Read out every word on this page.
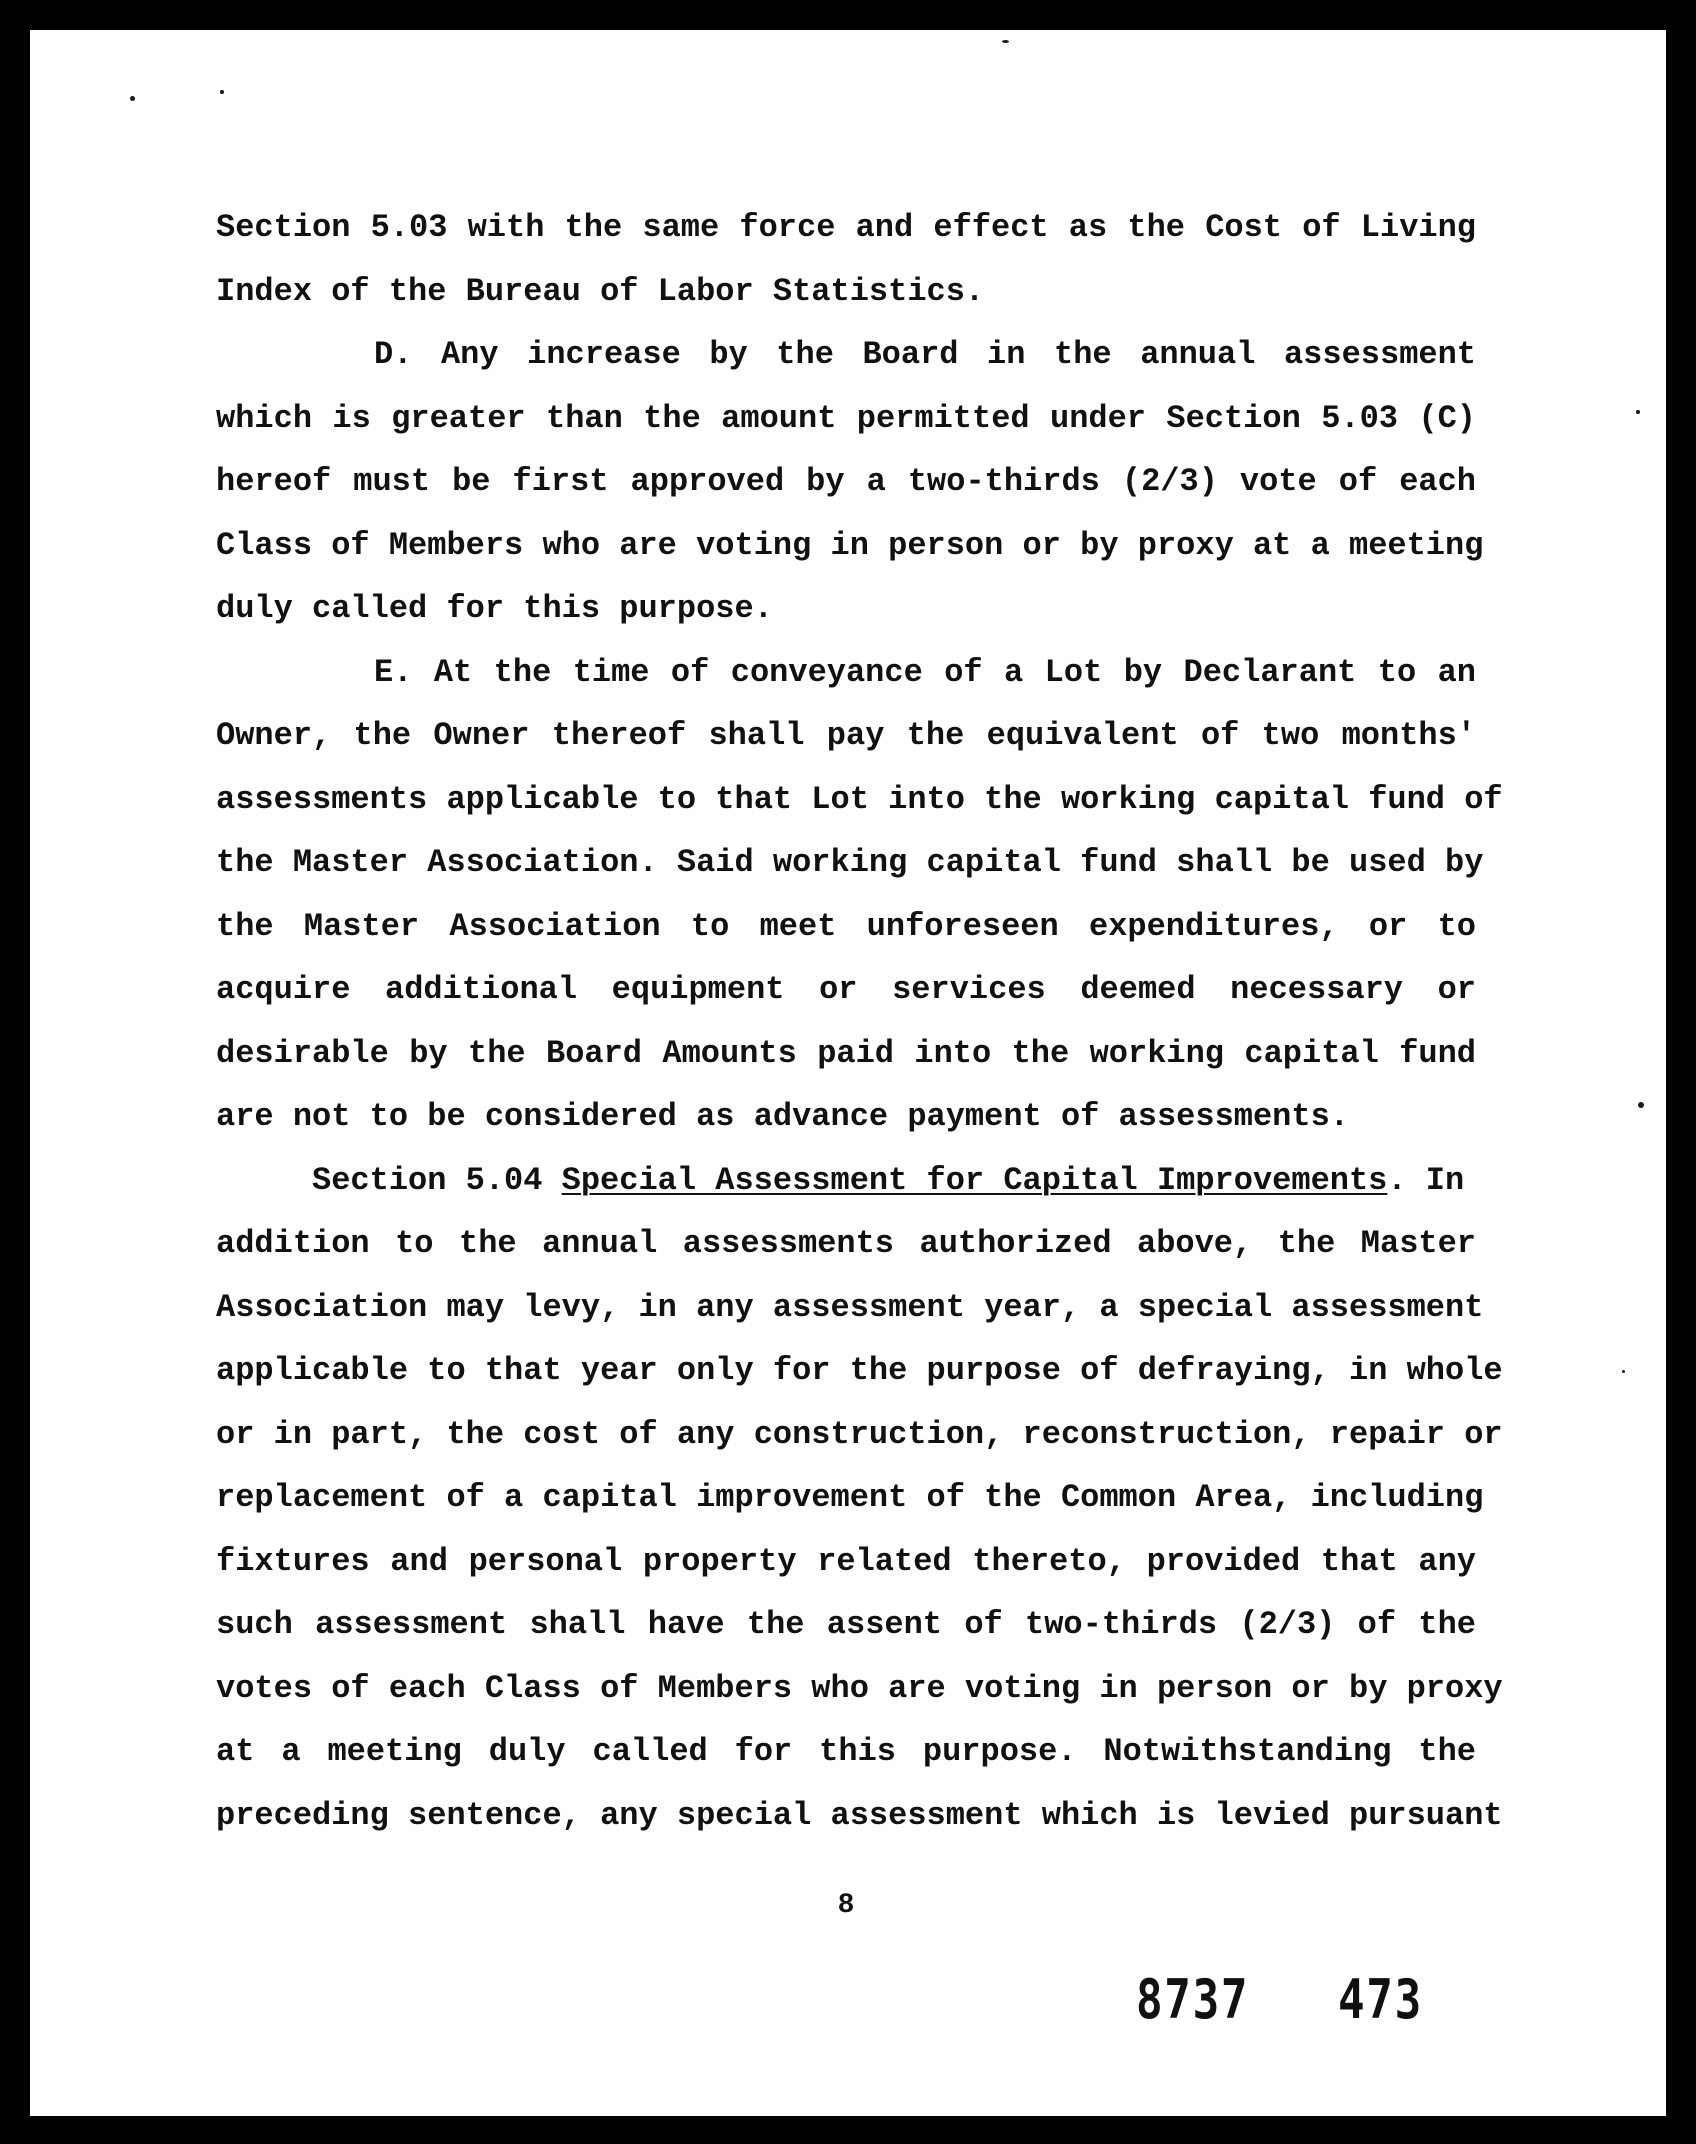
Section 5.03 with the same force and effect as the Cost of Living
Index of the Bureau of Labor Statistics.
D. Any increase by the Board in the annual assessment
which is greater than the amount permitted under Section 5.03 (C)
hereof must be first approved by a two-thirds (2/3) vote of each
Class of Members who are voting in person or by proxy at a meeting
duly called for this purpose.
E. At the time of conveyance of a Lot by Declarant to an
Owner, the Owner thereof shall pay the equivalent of two months'
assessments applicable to that Lot into the working capital fund of
the Master Association. Said working capital fund shall be used by
the Master Association to meet unforeseen expenditures, or to
acquire additional equipment or services deemed necessary or
desirable by the Board Amounts paid into the working capital fund
are not to be considered as advance payment of assessments.
Section 5.04 Special Assessment for Capital Improvements. In
addition to the annual assessments authorized above, the Master
Association may levy, in any assessment year, a special assessment
applicable to that year only for the purpose of defraying, in whole
or in part, the cost of any construction, reconstruction, repair or
replacement of a capital improvement of the Common Area, including
fixtures and personal property related thereto, provided that any
such assessment shall have the assent of two-thirds (2/3) of the
votes of each Class of Members who are voting in person or by proxy
at a meeting duly called for this purpose. Notwithstanding the
preceding sentence, any special assessment which is levied pursuant
8
8737 473
